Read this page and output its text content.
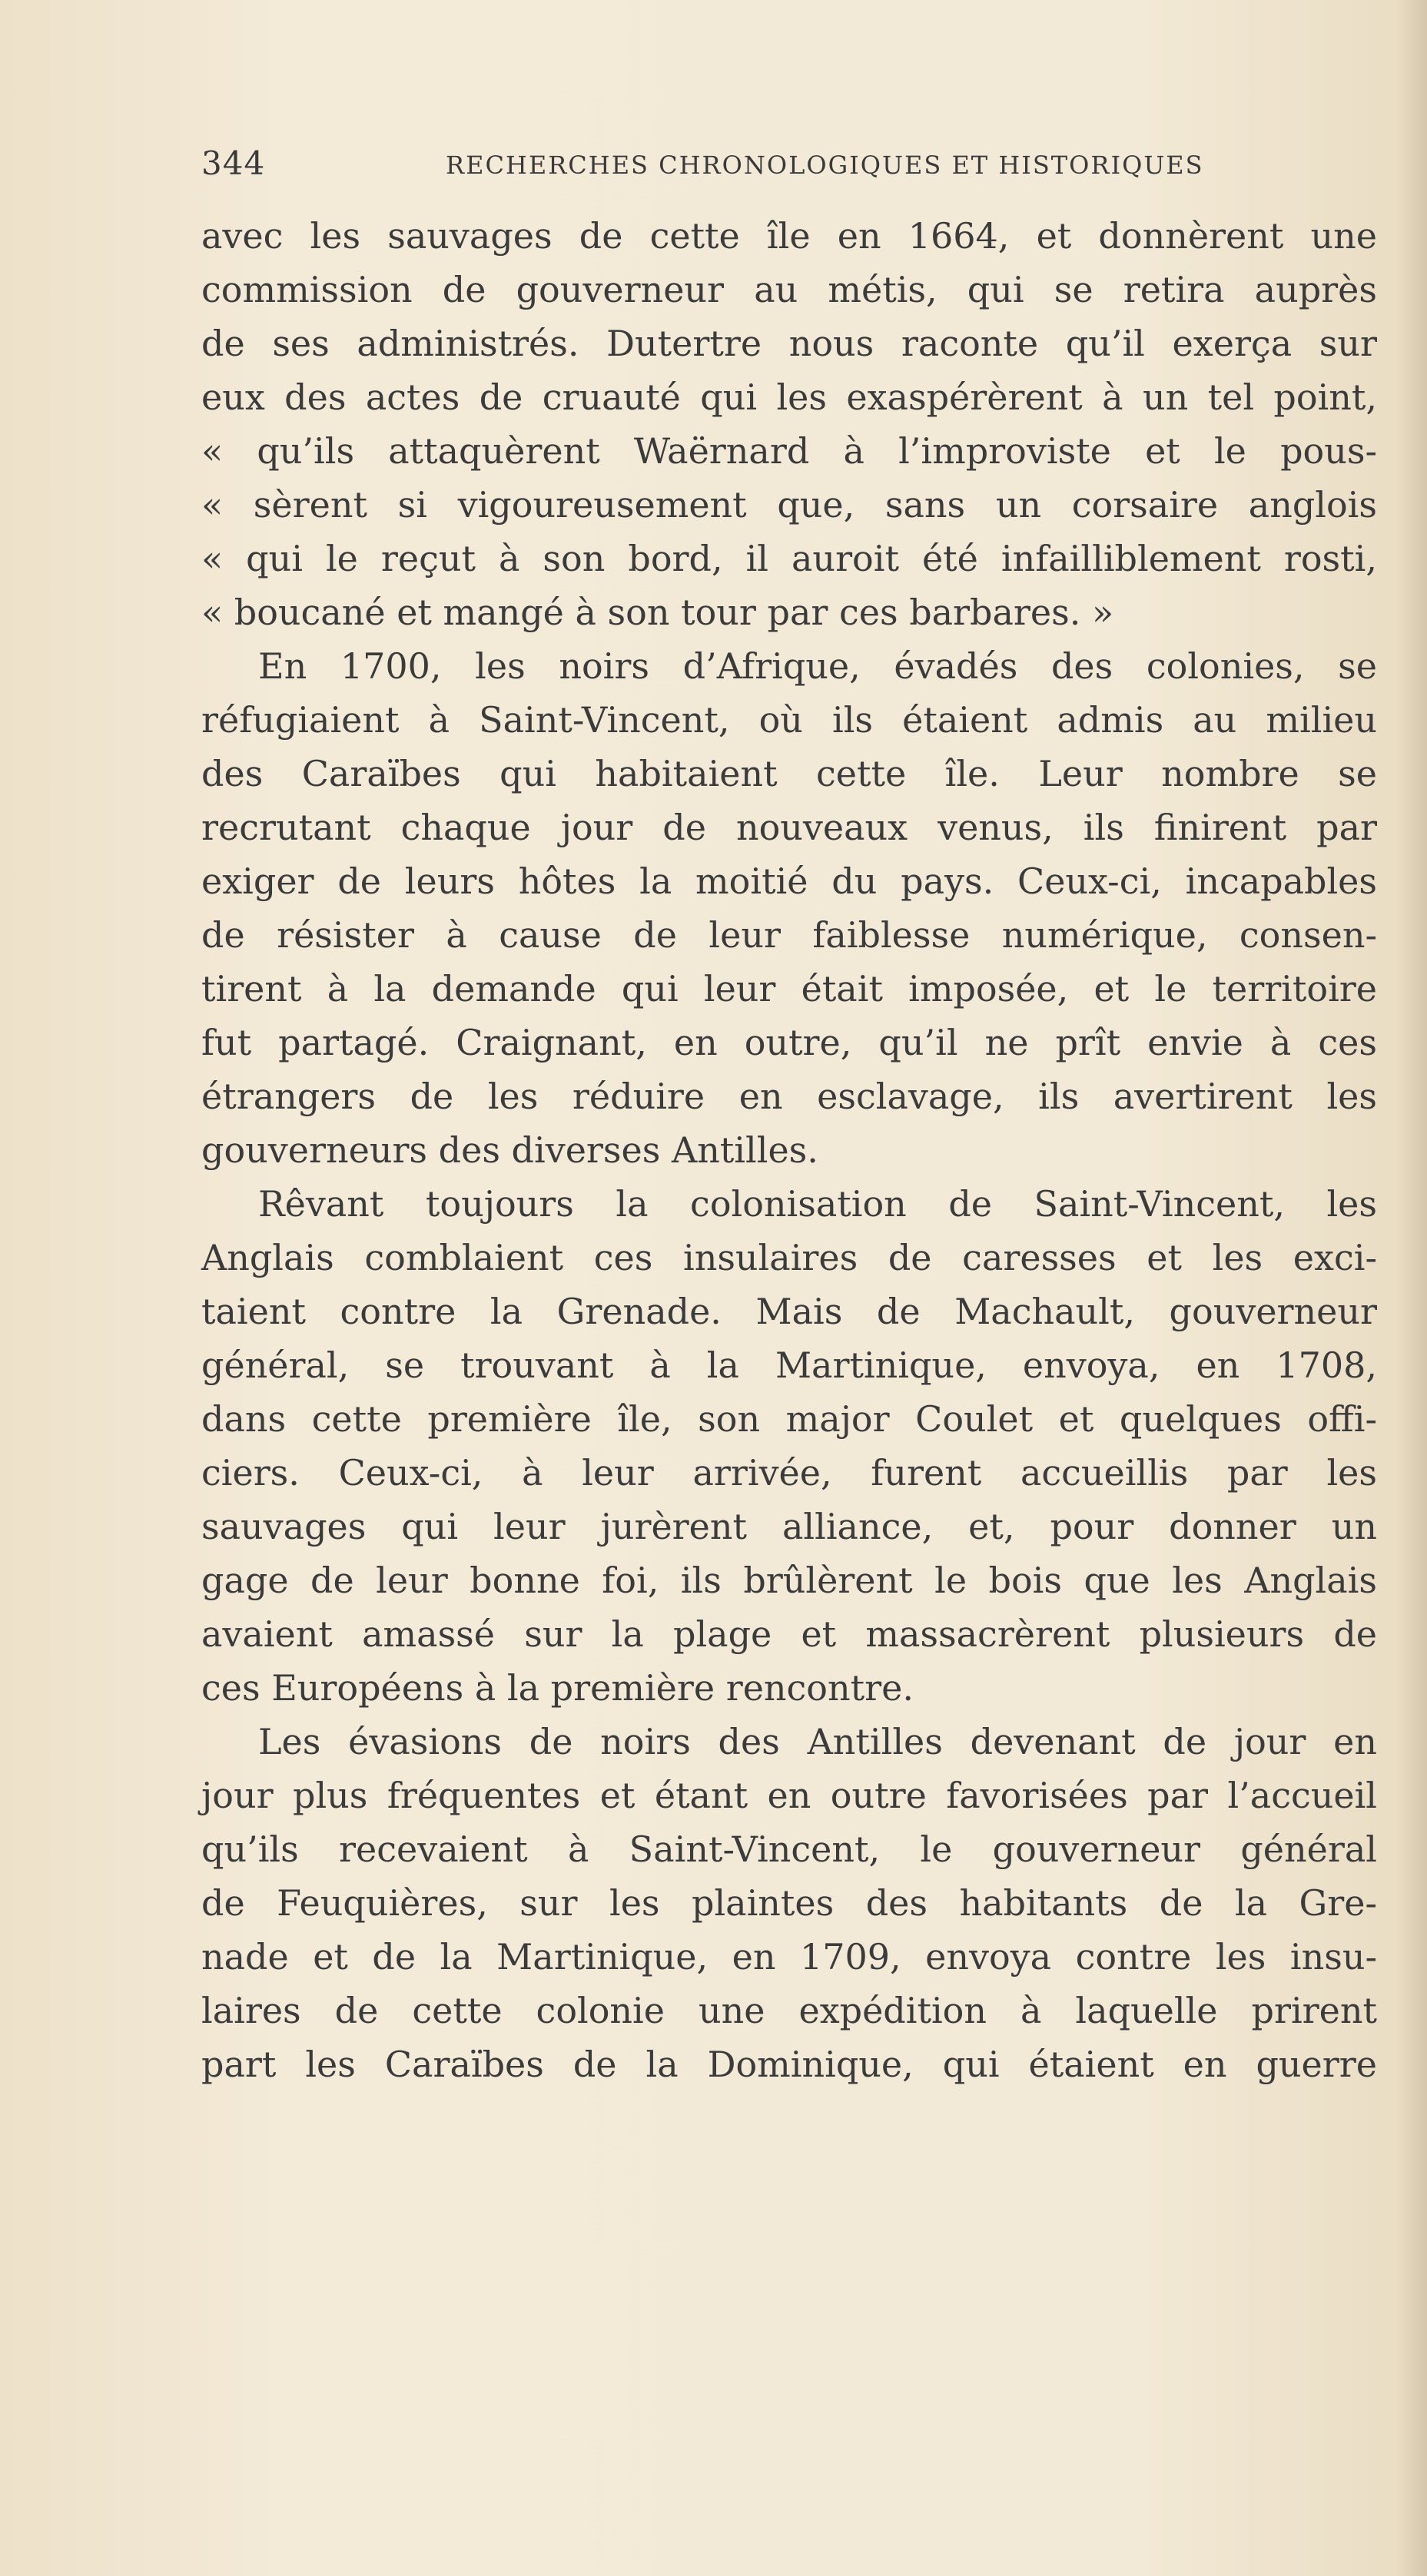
344	RECHERCHES CHRONOLOGIQUES ET HISTORIQUES
avec les sauvages de cette île en 1664, et donnèrent une
commission de gouverneur au métis, qui se retira auprès
de ses administrés. Dutertre nous raconte qu’il exerça sur
eux des actes de cruauté qui les exaspérèrent à un tel point,
« qu’ils attaquèrent Waërnard à l’improviste et le pous-
« sèrent si vigoureusement que, sans un corsaire anglois
« qui le reçut à son bord, il auroit été infailliblement rosti,
« boucané et mangé à son tour par ces barbares. »
En 1700, les noirs d’Afrique, évadés des colonies, se
réfugiaient à Saint-Vincent, où ils étaient admis au milieu
des Caraïbes qui habitaient cette île. Leur nombre se
recrutant chaque jour de nouveaux venus, ils finirent par
exiger de leurs hôtes la moitié du pays. Ceux-ci, incapables
de résister à cause de leur faiblesse numérique, consen-
tirent à la demande qui leur était imposée, et le territoire
fut partagé. Craignant, en outre, qu’il ne prît envie à ces
étrangers de les réduire en esclavage, ils avertirent les
gouverneurs des diverses Antilles.
Rêvant toujours la colonisation de Saint-Vincent, les
Anglais comblaient ces insulaires de caresses et les exci-
taient contre la Grenade. Mais de Machault, gouverneur
général, se trouvant à la Martinique, envoya, en 1708,
dans cette première île, son major Coulet et quelques offi-
ciers. Ceux-ci, à leur arrivée, furent accueillis par les
sauvages qui leur jurèrent alliance, et, pour donner un
gage de leur bonne foi, ils brûlèrent le bois que les Anglais
avaient amassé sur la plage et massacrèrent plusieurs de
ces Européens à la première rencontre.
Les évasions de noirs des Antilles devenant de jour en
jour plus fréquentes et étant en outre favorisées par l’accueil
qu’ils recevaient à Saint-Vincent, le gouverneur général
de Feuquières, sur les plaintes des habitants de la Gre-
nade et de la Martinique, en 1709, envoya contre les insu-
laires de cette colonie une expédition à laquelle prirent
part les Caraïbes de la Dominique, qui étaient en guerre
